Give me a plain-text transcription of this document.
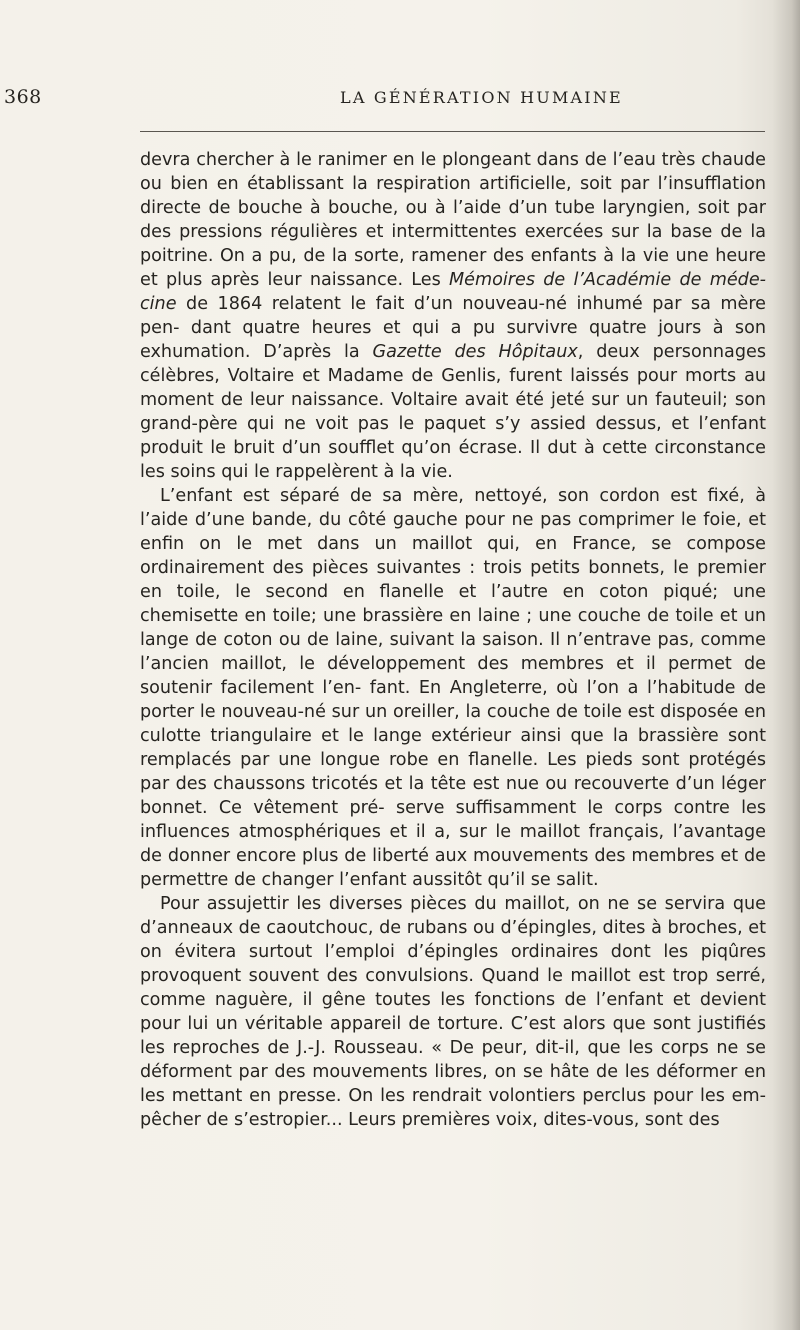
368	LA GÉNÉRATION HUMAINE

devra chercher à le ranimer en le plongeant dans de l’eau très chaude ou bien en établissant la respiration artificielle, soit par l’insufflation directe de bouche à bouche, ou à l’aide d’un tube laryngien, soit par des pressions régulières et intermittentes exercées sur la base de la poitrine. On a pu, de la sorte, ramener des enfants à la vie une heure et plus après leur naissance. Les Mémoires de l’Académie de méde- cine de 1864 relatent le fait d’un nouveau-né inhumé par sa mère pen- dant quatre heures et qui a pu survivre quatre jours à son exhumation. D’après la Gazette des Hôpitaux, deux personnages célèbres, Voltaire et Madame de Genlis, furent laissés pour morts au moment de leur naissance. Voltaire avait été jeté sur un fauteuil; son grand-père qui ne voit pas le paquet s’y assied dessus, et l’enfant produit le bruit d’un soufflet qu’on écrase. Il dut à cette circonstance les soins qui le rappelèrent à la vie.

L’enfant est séparé de sa mère, nettoyé, son cordon est fixé, à l’aide d’une bande, du côté gauche pour ne pas comprimer le foie, et enfin on le met dans un maillot qui, en France, se compose ordinairement des pièces suivantes : trois petits bonnets, le premier en toile, le second en flanelle et l’autre en coton piqué; une chemisette en toile; une brassière en laine ; une couche de toile et un lange de coton ou de laine, suivant la saison. Il n’entrave pas, comme l’ancien maillot, le développement des membres et il permet de soutenir facilement l’en- fant. En Angleterre, où l’on a l’habitude de porter le nouveau-né sur un oreiller, la couche de toile est disposée en culotte triangulaire et le lange extérieur ainsi que la brassière sont remplacés par une longue robe en flanelle. Les pieds sont protégés par des chaussons tricotés et la tête est nue ou recouverte d’un léger bonnet. Ce vêtement pré- serve suffisamment le corps contre les influences atmosphériques et il a, sur le maillot français, l’avantage de donner encore plus de liberté aux mouvements des membres et de permettre de changer l’enfant aussitôt qu’il se salit.

Pour assujettir les diverses pièces du maillot, on ne se servira que d’anneaux de caoutchouc, de rubans ou d’épingles, dites à broches, et on évitera surtout l’emploi d’épingles ordinaires dont les piqûres provoquent souvent des convulsions. Quand le maillot est trop serré, comme naguère, il gêne toutes les fonctions de l’enfant et devient pour lui un véritable appareil de torture. C’est alors que sont justifiés les reproches de J.-J. Rousseau. « De peur, dit-il, que les corps ne se déforment par des mouvements libres, on se hâte de les déformer en les mettant en presse. On les rendrait volontiers perclus pour les em- pêcher de s’estropier... Leurs premières voix, dites-vous, sont des
